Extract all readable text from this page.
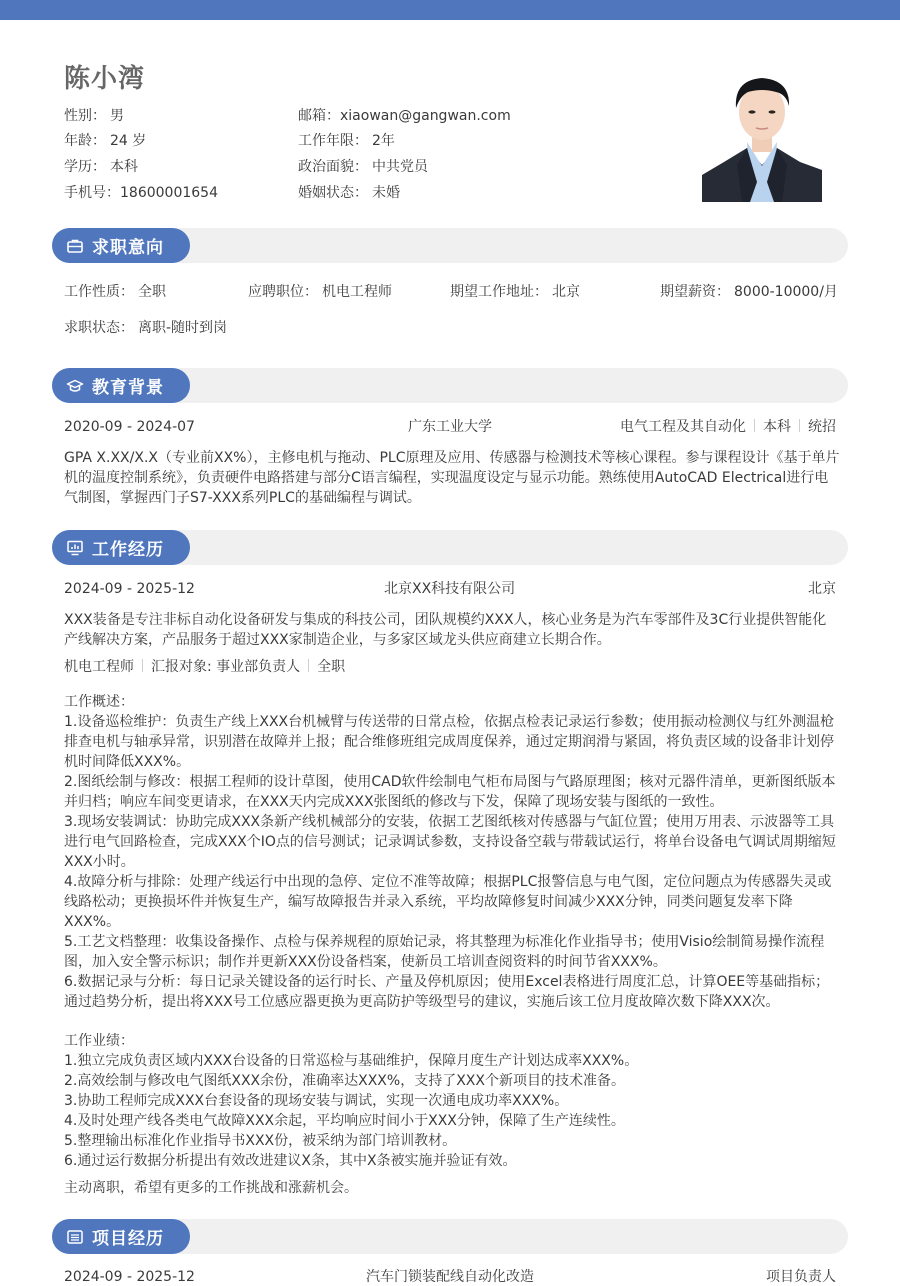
陈小湾
性别： 男
年龄： 24 岁
学历： 本科
手机号：18600001654
邮箱：xiaowan@gangwan.com
工作年限： 2年
政治面貌： 中共党员
婚姻状态： 未婚
求职意向
工作性质： 全职	应聘职位： 机电工程师	期望工作地址： 北京	期望薪资： 8000-10000/月
求职状态： 离职-随时到岗
教育背景
2020-09 - 2024-07	广东工业大学	电气工程及其自动化 本科 统招
GPA X.XX/X.X（专业前XX%），主修电机与拖动、PLC原理及应用、传感器与检测技术等核心课程。参与课程设计《基于单片机的温度控制系统》，负责硬件电路搭建与部分C语言编程，实现温度设定与显示功能。熟练使用AutoCAD Electrical进行电气制图，掌握西门子S7-XXX系列PLC的基础编程与调试。
工作经历
2024-09 - 2025-12	北京XX科技有限公司	北京
XXX装备是专注非标自动化设备研发与集成的科技公司，团队规模约XXX人，核心业务是为汽车零部件及3C行业提供智能化产线解决方案，产品服务于超过XXX家制造企业，与多家区域龙头供应商建立长期合作。
机电工程师 汇报对象: 事业部负责人 全职
工作概述：
1.设备巡检维护：负责生产线上XXX台机械臂与传送带的日常点检，依据点检表记录运行参数；使用振动检测仪与红外测温枪排查电机与轴承异常，识别潜在故障并上报；配合维修班组完成周度保养，通过定期润滑与紧固，将负责区域的设备非计划停机时间降低XXX%。
2.图纸绘制与修改：根据工程师的设计草图，使用CAD软件绘制电气柜布局图与气路原理图；核对元器件清单，更新图纸版本并归档；响应车间变更请求，在XXX天内完成XXX张图纸的修改与下发，保障了现场安装与图纸的一致性。
3.现场安装调试：协助完成XXX条新产线机械部分的安装，依据工艺图纸核对传感器与气缸位置；使用万用表、示波器等工具进行电气回路检查，完成XXX个IO点的信号测试；记录调试参数，支持设备空载与带载试运行，将单台设备电气调试周期缩短XXX小时。
4.故障分析与排除：处理产线运行中出现的急停、定位不准等故障；根据PLC报警信息与电气图，定位问题点为传感器失灵或线路松动；更换损坏件并恢复生产，编写故障报告并录入系统，平均故障修复时间减少XXX分钟，同类问题复发率下降XXX%。
5.工艺文档整理：收集设备操作、点检与保养规程的原始记录，将其整理为标准化作业指导书；使用Visio绘制简易操作流程图，加入安全警示标识；制作并更新XXX份设备档案，使新员工培训查阅资料的时间节省XXX%。
6.数据记录与分析：每日记录关键设备的运行时长、产量及停机原因；使用Excel表格进行周度汇总，计算OEE等基础指标；通过趋势分析，提出将XXX号工位感应器更换为更高防护等级型号的建议，实施后该工位月度故障次数下降XXX次。
工作业绩：
1.独立完成负责区域内XXX台设备的日常巡检与基础维护，保障月度生产计划达成率XXX%。
2.高效绘制与修改电气图纸XXX余份，准确率达XXX%，支持了XXX个新项目的技术准备。
3.协助工程师完成XXX台套设备的现场安装与调试，实现一次通电成功率XXX%。
4.及时处理产线各类电气故障XXX余起，平均响应时间小于XXX分钟，保障了生产连续性。
5.整理输出标准化作业指导书XXX份，被采纳为部门培训教材。
6.通过运行数据分析提出有效改进建议X条，其中X条被实施并验证有效。
主动离职，希望有更多的工作挑战和涨薪机会。
项目经历
2024-09 - 2025-12	汽车门锁装配线自动化改造	项目负责人
